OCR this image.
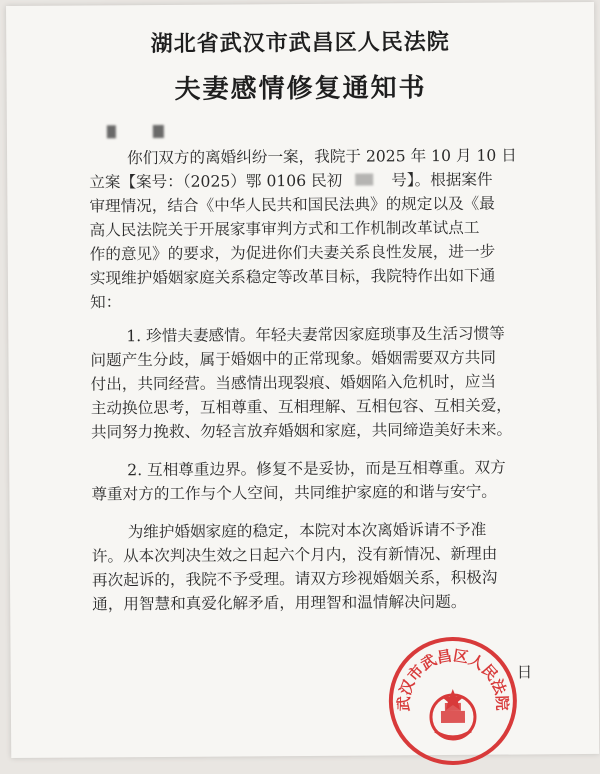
湖北省武汉市武昌区人民法院
夫妻感情修复通知书
你们双方的离婚纠纷一案，我院于 2025 年 10 月 10 日
立案【案号：（2025）鄂 0106 民初	号】。根据案件
审理情况，结合《中华人民共和国民法典》的规定以及《最
高人民法院关于开展家事审判方式和工作机制改革试点工
作的意见》的要求，为促进你们夫妻关系良性发展，进一步
实现维护婚姻家庭关系稳定等改革目标，我院特作出如下通
知：
1. 珍惜夫妻感情。年轻夫妻常因家庭琐事及生活习惯等
问题产生分歧，属于婚姻中的正常现象。婚姻需要双方共同
付出，共同经营。当感情出现裂痕、婚姻陷入危机时，应当
主动换位思考，互相尊重、互相理解、互相包容、互相关爱，
共同努力挽救、勿轻言放弃婚姻和家庭，共同缔造美好未来。
2. 互相尊重边界。修复不是妥协，而是互相尊重。双方
尊重对方的工作与个人空间，共同维护家庭的和谐与安宁。
为维护婚姻家庭的稳定，本院对本次离婚诉请不予准
许。从本次判决生效之日起六个月内，没有新情况、新理由
再次起诉的，我院不予受理。请双方珍视婚姻关系，积极沟
通，用智慧和真爱化解矛盾，用理智和温情解决问题。
日
武汉市武昌区人民法院
